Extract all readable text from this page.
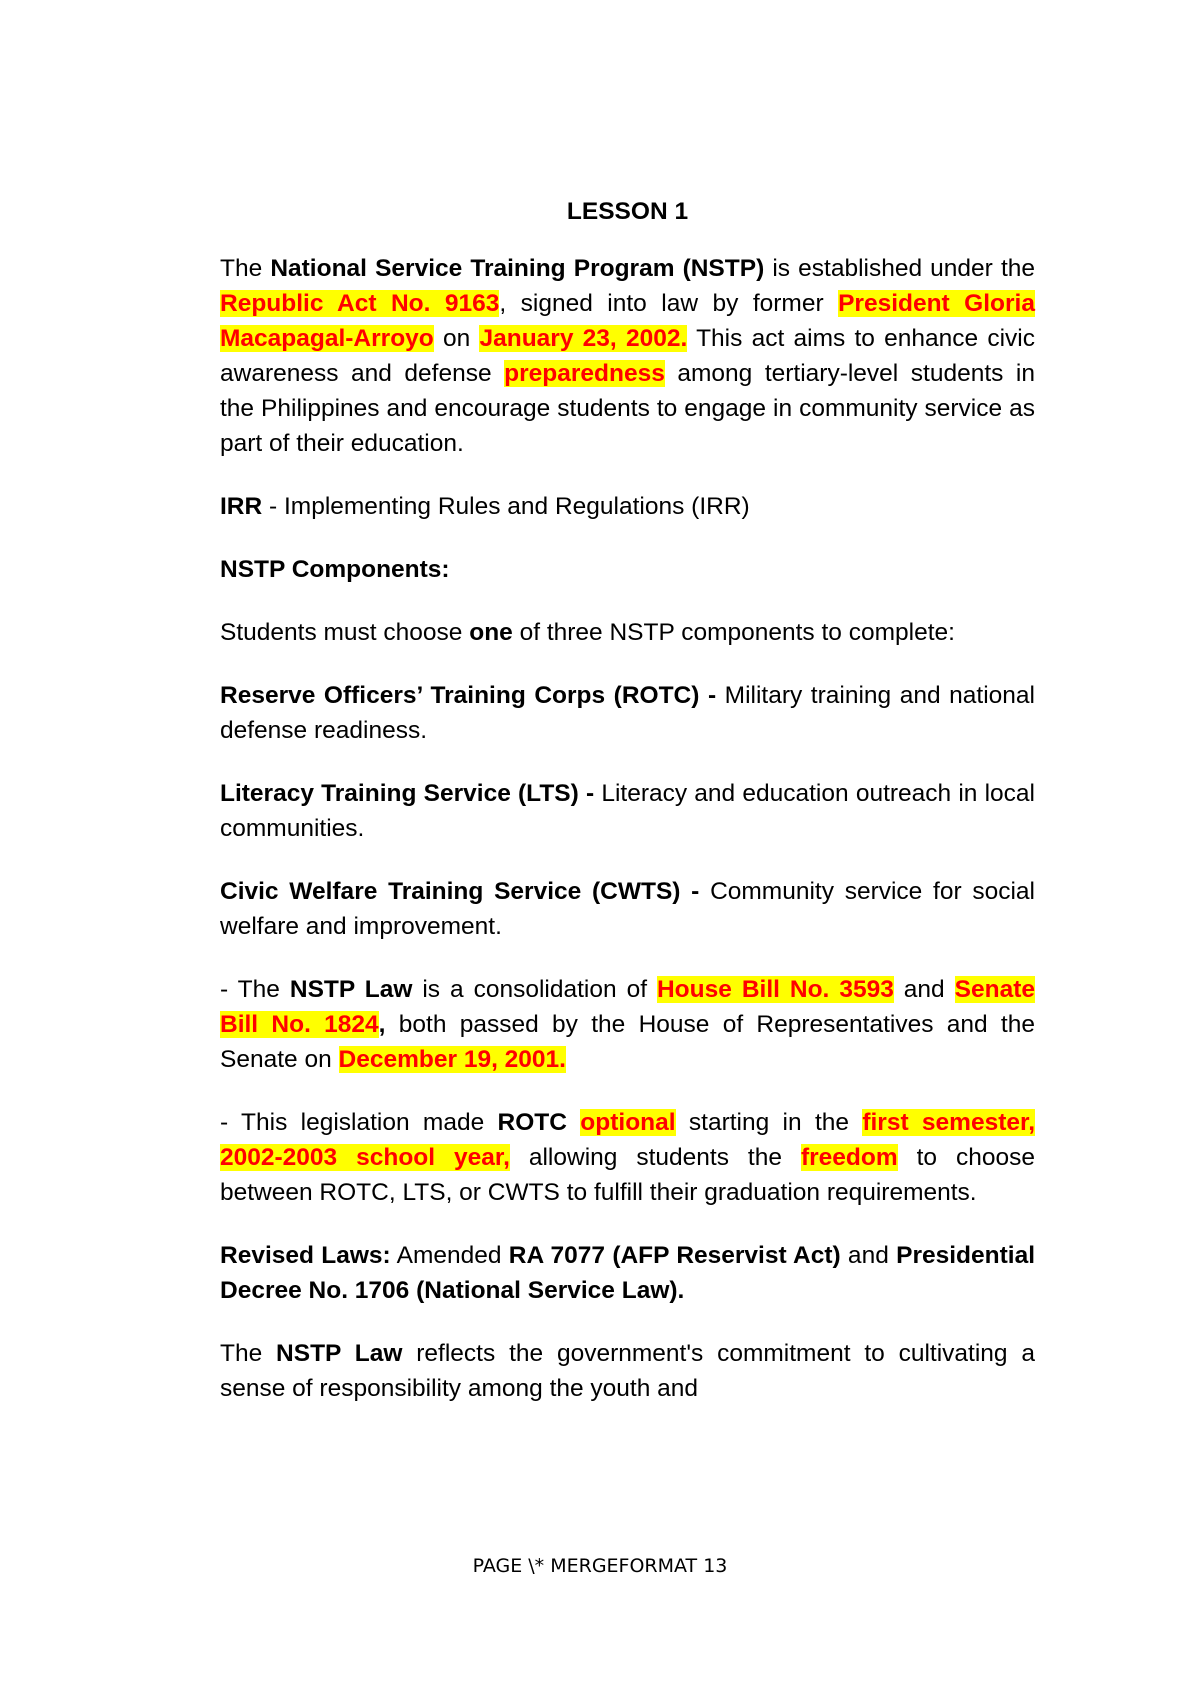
LESSON 1

The National Service Training Program (NSTP) is established under the Republic Act No. 9163, signed into law by former President Gloria Macapagal-Arroyo on January 23, 2002. This act aims to enhance civic awareness and defense preparedness among tertiary-level students in the Philippines and encourage students to engage in community service as part of their education.

IRR - Implementing Rules and Regulations (IRR)

NSTP Components:

Students must choose one of three NSTP components to complete:

Reserve Officers’ Training Corps (ROTC) - Military training and national defense readiness.

Literacy Training Service (LTS) - Literacy and education outreach in local communities.

Civic Welfare Training Service (CWTS) - Community service for social welfare and improvement.

- The NSTP Law is a consolidation of House Bill No. 3593 and Senate Bill No. 1824, both passed by the House of Representatives and the Senate on December 19, 2001.

- This legislation made ROTC optional starting in the first semester, 2002-2003 school year, allowing students the freedom to choose between ROTC, LTS, or CWTS to fulfill their graduation requirements.

Revised Laws: Amended RA 7077 (AFP Reservist Act) and Presidential Decree No. 1706 (National Service Law).

The NSTP Law reflects the government's commitment to cultivating a sense of responsibility among the youth and

PAGE \* MERGEFORMAT 13
